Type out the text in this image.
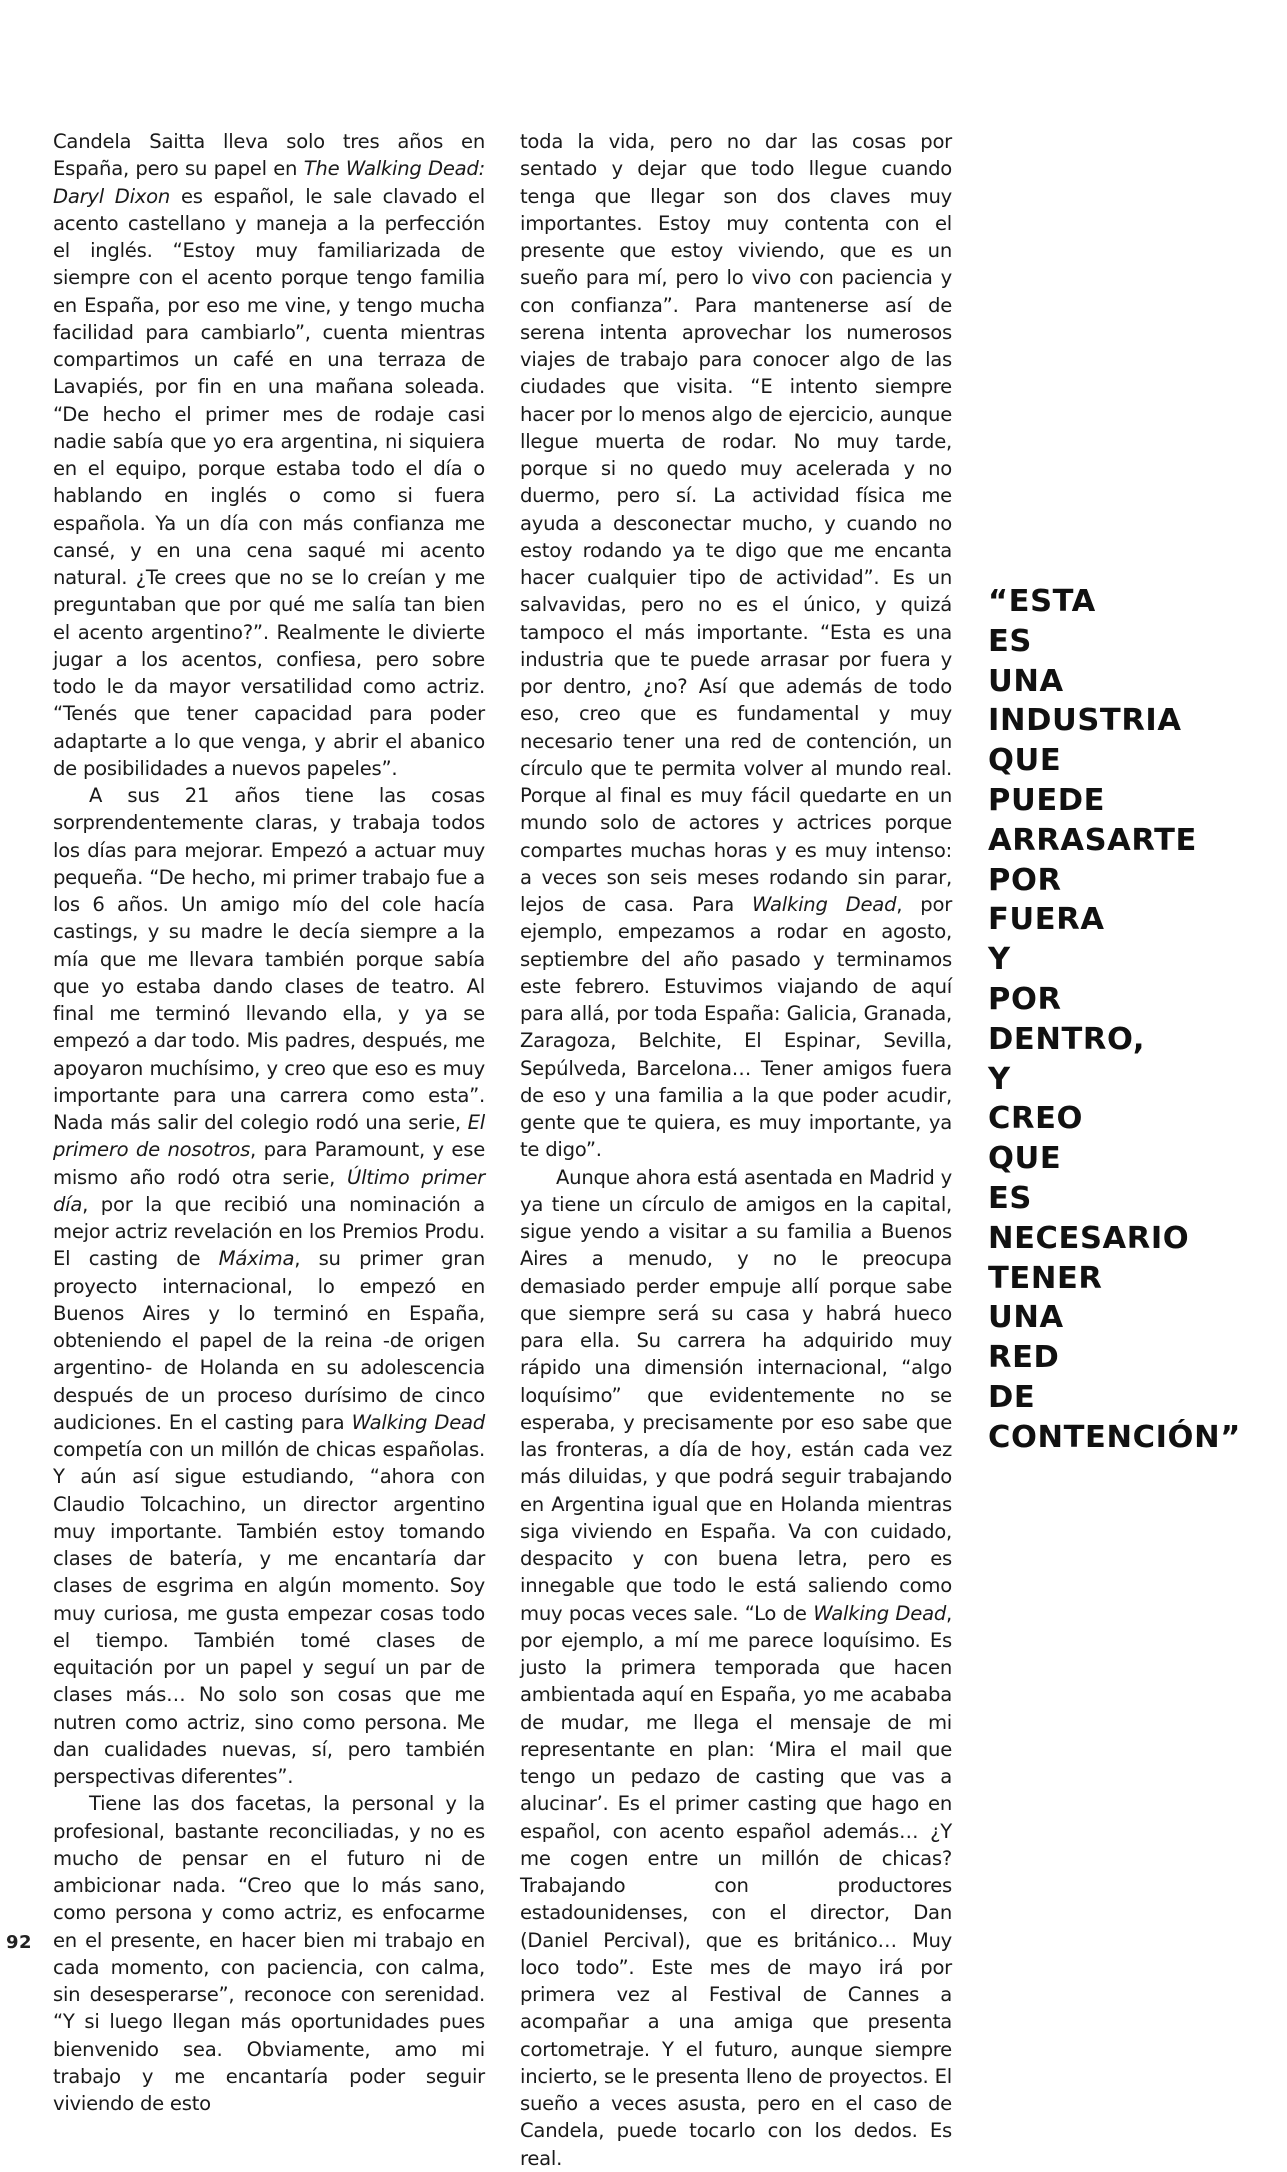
Candela Saitta lleva solo tres años en España, pero su papel en The Walking Dead: Daryl Dixon es español, le sale clavado el acento castellano y maneja a la perfección el inglés. “Estoy muy familiarizada de siempre con el acento porque tengo familia en España, por eso me vine, y tengo mucha facilidad para cambiarlo”, cuenta mientras compartimos un café en una terraza de Lavapiés, por fin en una mañana soleada. “De hecho el primer mes de rodaje casi nadie sabía que yo era argentina, ni siquiera en el equipo, porque estaba todo el día o hablando en inglés o como si fuera española. Ya un día con más confianza me cansé, y en una cena saqué mi acento natural. ¿Te crees que no se lo creían y me preguntaban que por qué me salía tan bien el acento argentino?”. Realmente le divierte jugar a los acentos, confiesa, pero sobre todo le da mayor versatilidad como actriz. “Tenés que tener capacidad para poder adaptarte a lo que venga, y abrir el abanico de posibilidades a nuevos papeles”.

A sus 21 años tiene las cosas sorprendentemente claras, y trabaja todos los días para mejorar. Empezó a actuar muy pequeña. “De hecho, mi primer trabajo fue a los 6 años. Un amigo mío del cole hacía castings, y su madre le decía siempre a la mía que me llevara también porque sabía que yo estaba dando clases de teatro. Al final me terminó llevando ella, y ya se empezó a dar todo. Mis padres, después, me apoyaron muchísimo, y creo que eso es muy importante para una carrera como esta”. Nada más salir del colegio rodó una serie, El primero de nosotros, para Paramount, y ese mismo año rodó otra serie, Último primer día, por la que recibió una nominación a mejor actriz revelación en los Premios Produ. El casting de Máxima, su primer gran proyecto internacional, lo empezó en Buenos Aires y lo terminó en España, obteniendo el papel de la reina -de origen argentino- de Holanda en su adolescencia después de un proceso durísimo de cinco audiciones. En el casting para Walking Dead competía con un millón de chicas españolas. Y aún así sigue estudiando, “ahora con Claudio Tolcachino, un director argentino muy importante. También estoy tomando clases de batería, y me encantaría dar clases de esgrima en algún momento. Soy muy curiosa, me gusta empezar cosas todo el tiempo. También tomé clases de equitación por un papel y seguí un par de clases más… No solo son cosas que me nutren como actriz, sino como persona. Me dan cualidades nuevas, sí, pero también perspectivas diferentes”.

Tiene las dos facetas, la personal y la profesional, bastante reconciliadas, y no es mucho de pensar en el futuro ni de ambicionar nada. “Creo que lo más sano, como persona y como actriz, es enfocarme en el presente, en hacer bien mi trabajo en cada momento, con paciencia, con calma, sin desesperarse”, reconoce con serenidad. “Y si luego llegan más oportunidades pues bienvenido sea. Obviamente, amo mi trabajo y me encantaría poder seguir viviendo de esto

toda la vida, pero no dar las cosas por sentado y dejar que todo llegue cuando tenga que llegar son dos claves muy importantes. Estoy muy contenta con el presente que estoy viviendo, que es un sueño para mí, pero lo vivo con paciencia y con confianza”. Para mantenerse así de serena intenta aprovechar los numerosos viajes de trabajo para conocer algo de las ciudades que visita. “E intento siempre hacer por lo menos algo de ejercicio, aunque llegue muerta de rodar. No muy tarde, porque si no quedo muy acelerada y no duermo, pero sí. La actividad física me ayuda a desconectar mucho, y cuando no estoy rodando ya te digo que me encanta hacer cualquier tipo de actividad”. Es un salvavidas, pero no es el único, y quizá tampoco el más importante. “Esta es una industria que te puede arrasar por fuera y por dentro, ¿no? Así que además de todo eso, creo que es fundamental y muy necesario tener una red de contención, un círculo que te permita volver al mundo real. Porque al final es muy fácil quedarte en un mundo solo de actores y actrices porque compartes muchas horas y es muy intenso: a veces son seis meses rodando sin parar, lejos de casa. Para Walking Dead, por ejemplo, empezamos a rodar en agosto, septiembre del año pasado y terminamos este febrero. Estuvimos viajando de aquí para allá, por toda España: Galicia, Granada, Zaragoza, Belchite, El Espinar, Sevilla, Sepúlveda, Barcelona… Tener amigos fuera de eso y una familia a la que poder acudir, gente que te quiera, es muy importante, ya te digo”.

Aunque ahora está asentada en Madrid y ya tiene un círculo de amigos en la capital, sigue yendo a visitar a su familia a Buenos Aires a menudo, y no le preocupa demasiado perder empuje allí porque sabe que siempre será su casa y habrá hueco para ella. Su carrera ha adquirido muy rápido una dimensión internacional, “algo loquísimo” que evidentemente no se esperaba, y precisamente por eso sabe que las fronteras, a día de hoy, están cada vez más diluidas, y que podrá seguir trabajando en Argentina igual que en Holanda mientras siga viviendo en España. Va con cuidado, despacito y con buena letra, pero es innegable que todo le está saliendo como muy pocas veces sale. “Lo de Walking Dead, por ejemplo, a mí me parece loquísimo. Es justo la primera temporada que hacen ambientada aquí en España, yo me acababa de mudar, me llega el mensaje de mi representante en plan: ‘Mira el mail que tengo un pedazo de casting que vas a alucinar’. Es el primer casting que hago en español, con acento español además… ¿Y me cogen entre un millón de chicas? Trabajando con productores estadounidenses, con el director, Dan (Daniel Percival), que es británico… Muy loco todo”. Este mes de mayo irá por primera vez al Festival de Cannes a acompañar a una amiga que presenta cortometraje. Y el futuro, aunque siempre incierto, se le presenta lleno de proyectos. El sueño a veces asusta, pero en el caso de Candela, puede tocarlo con los dedos. Es real.

“ESTA
ES
UNA
INDUSTRIA
QUE
PUEDE
ARRASARTE
POR
FUERA
Y
POR
DENTRO,
Y
CREO
QUE
ES
NECESARIO
TENER
UNA
RED
DE
CONTENCIÓN”
92
